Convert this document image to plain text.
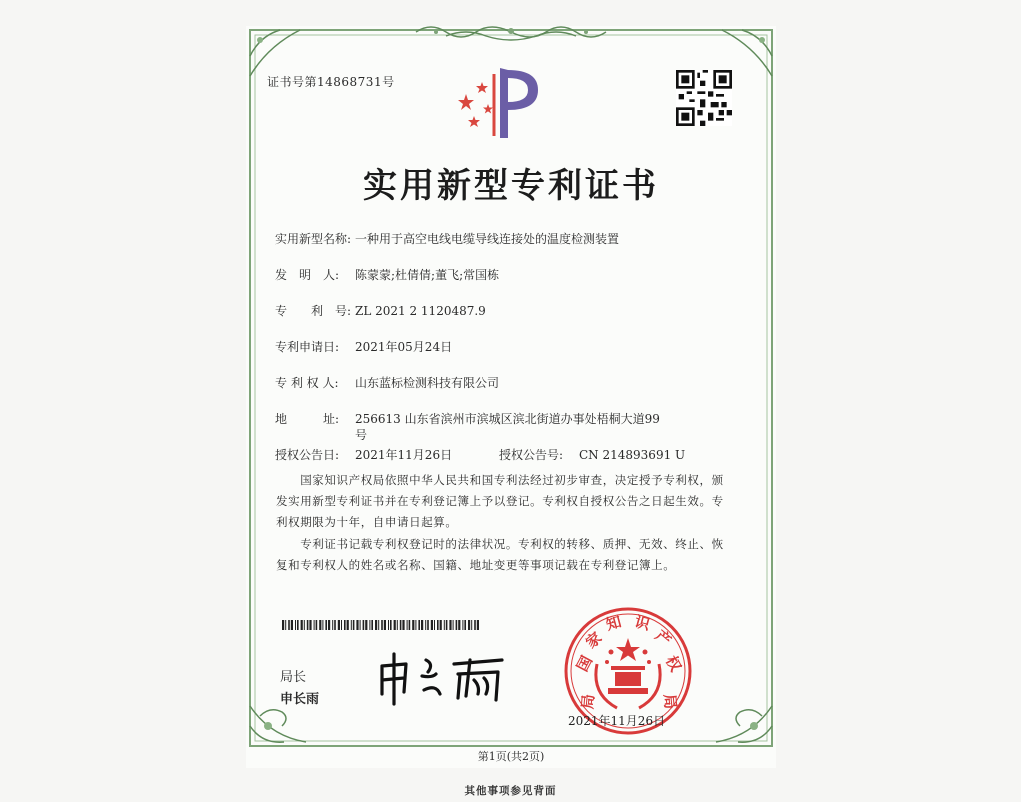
证书号第14868731号
实用新型专利证书
实用新型名称: 一种用于高空电线电缆导线连接处的温度检测装置
发　明　人: 陈蒙蒙;杜倩倩;董飞;常国栋
专　　利　号: ZL 2021 2 1120487.9
专利申请日: 2021年05月24日
专 利 权 人: 山东蓝标检测科技有限公司
地　　　址: 256613 山东省滨州市滨城区滨北街道办事处梧桐大道99
号
授权公告日: 2021年11月26日	授权公告号: CN 214893691 U
　　国家知识产权局依照中华人民共和国专利法经过初步审查，决定授予专利权，颁发实用新型专利证书并在专利登记簿上予以登记。专利权自授权公告之日起生效。专利权期限为十年，自申请日起算。
　　专利证书记载专利权登记时的法律状况。专利权的转移、质押、无效、终止、恢复和专利权人的姓名或名称、国籍、地址变更等事项记载在专利登记簿上。
局长
申长雨
国
家
知 识
产
权
局	局
2021年11月26日
第1页(共2页)
其他事项参见背面
